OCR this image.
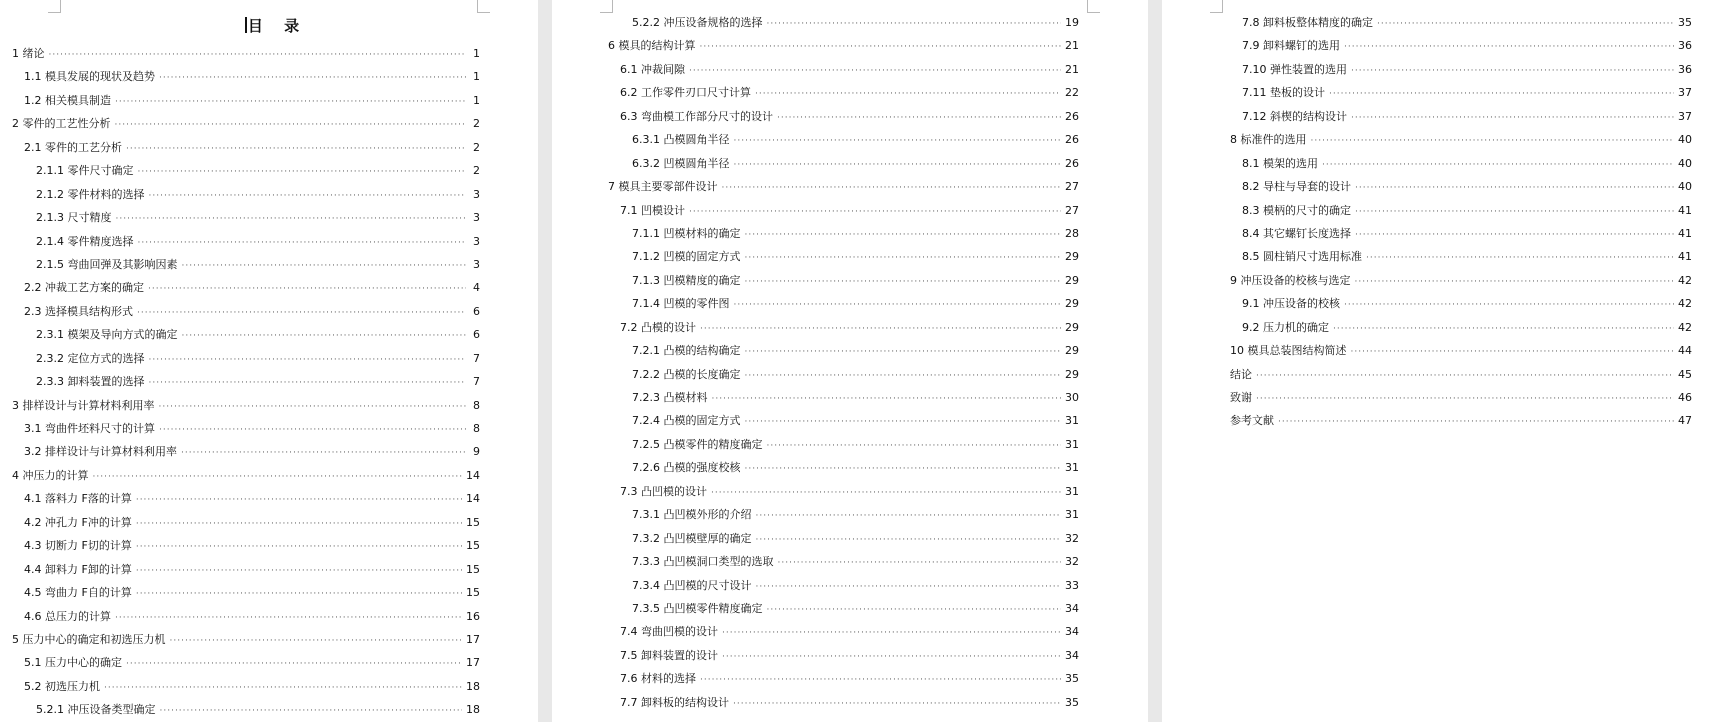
目 录
1 绪论 ·····	1
1.1 模具发展的现状及趋势 ·····	1
1.2 相关模具制造 ·····	1
2 零件的工艺性分析 ·····	2
2.1 零件的工艺分析 ·····	2
2.1.1 零件尺寸确定 ·····	2
2.1.2 零件材料的选择 ·····	3
2.1.3 尺寸精度 ·····	3
2.1.4 零件精度选择 ·····	3
2.1.5 弯曲回弹及其影响因素 ·····	3
2.2 冲裁工艺方案的确定 ·····	4
2.3 选择模具结构形式 ·····	6
2.3.1 模架及导向方式的确定 ·····	6
2.3.2 定位方式的选择 ·····	7
2.3.3 卸料装置的选择 ·····	7
3 排样设计与计算材料利用率 ·····	8
3.1 弯曲件坯料尺寸的计算 ·····	8
3.2 排样设计与计算材料利用率 ·····	9
4 冲压力的计算 ·····	14
4.1 落料力 F落的计算 ·····	14
4.2 冲孔力 F冲的计算 ·····	15
4.3 切断力 F切的计算 ·····	15
4.4 卸料力 F卸的计算 ·····	15
4.5 弯曲力 F自的计算 ·····	15
4.6 总压力的计算 ·····	16
5 压力中心的确定和初选压力机 ·····	17
5.1 压力中心的确定 ·····	17
5.2 初选压力机 ·····	18
5.2.1 冲压设备类型确定 ·····	18
5.2.2 冲压设备规格的选择 ·····	19
6 模具的结构计算 ·····	21
6.1 冲裁间隙 ·····	21
6.2 工作零件刃口尺寸计算 ·····	22
6.3 弯曲模工作部分尺寸的设计 ·····	26
6.3.1 凸模圆角半径 ·····	26
6.3.2 凹模圆角半径 ·····	26
7 模具主要零部件设计 ·····	27
7.1 凹模设计 ·····	27
7.1.1 凹模材料的确定 ·····	28
7.1.2 凹模的固定方式 ·····	29
7.1.3 凹模精度的确定 ·····	29
7.1.4 凹模的零件图 ·····	29
7.2 凸模的设计 ·····	29
7.2.1 凸模的结构确定 ·····	29
7.2.2 凸模的长度确定 ·····	29
7.2.3 凸模材料 ·····	30
7.2.4 凸模的固定方式 ·····	31
7.2.5 凸模零件的精度确定 ·····	31
7.2.6 凸模的强度校核 ·····	31
7.3 凸凹模的设计 ·····	31
7.3.1 凸凹模外形的介绍 ·····	31
7.3.2 凸凹模壁厚的确定 ·····	32
7.3.3 凸凹模洞口类型的选取 ·····	32
7.3.4 凸凹模的尺寸设计 ·····	33
7.3.5 凸凹模零件精度确定 ·····	34
7.4 弯曲凹模的设计 ·····	34
7.5 卸料装置的设计 ·····	34
7.6 材料的选择 ·····	35
7.7 卸料板的结构设计 ·····	35
7.8 卸料板整体精度的确定 ·····	35
7.9 卸料螺钉的选用 ·····	36
7.10 弹性装置的选用 ·····	36
7.11 垫板的设计 ·····	37
7.12 斜楔的结构设计 ·····	37
8 标准件的选用 ·····	40
8.1 模架的选用 ·····	40
8.2 导柱与导套的设计 ·····	40
8.3 模柄的尺寸的确定 ·····	41
8.4 其它螺钉长度选择 ·····	41
8.5 圆柱销尺寸选用标准 ·····	41
9 冲压设备的校核与选定 ·····	42
9.1 冲压设备的校核 ·····	42
9.2 压力机的确定 ·····	42
10 模具总装图结构简述 ·····	44
结论 ·····	45
致谢 ·····	46
参考文献 ·····	47
